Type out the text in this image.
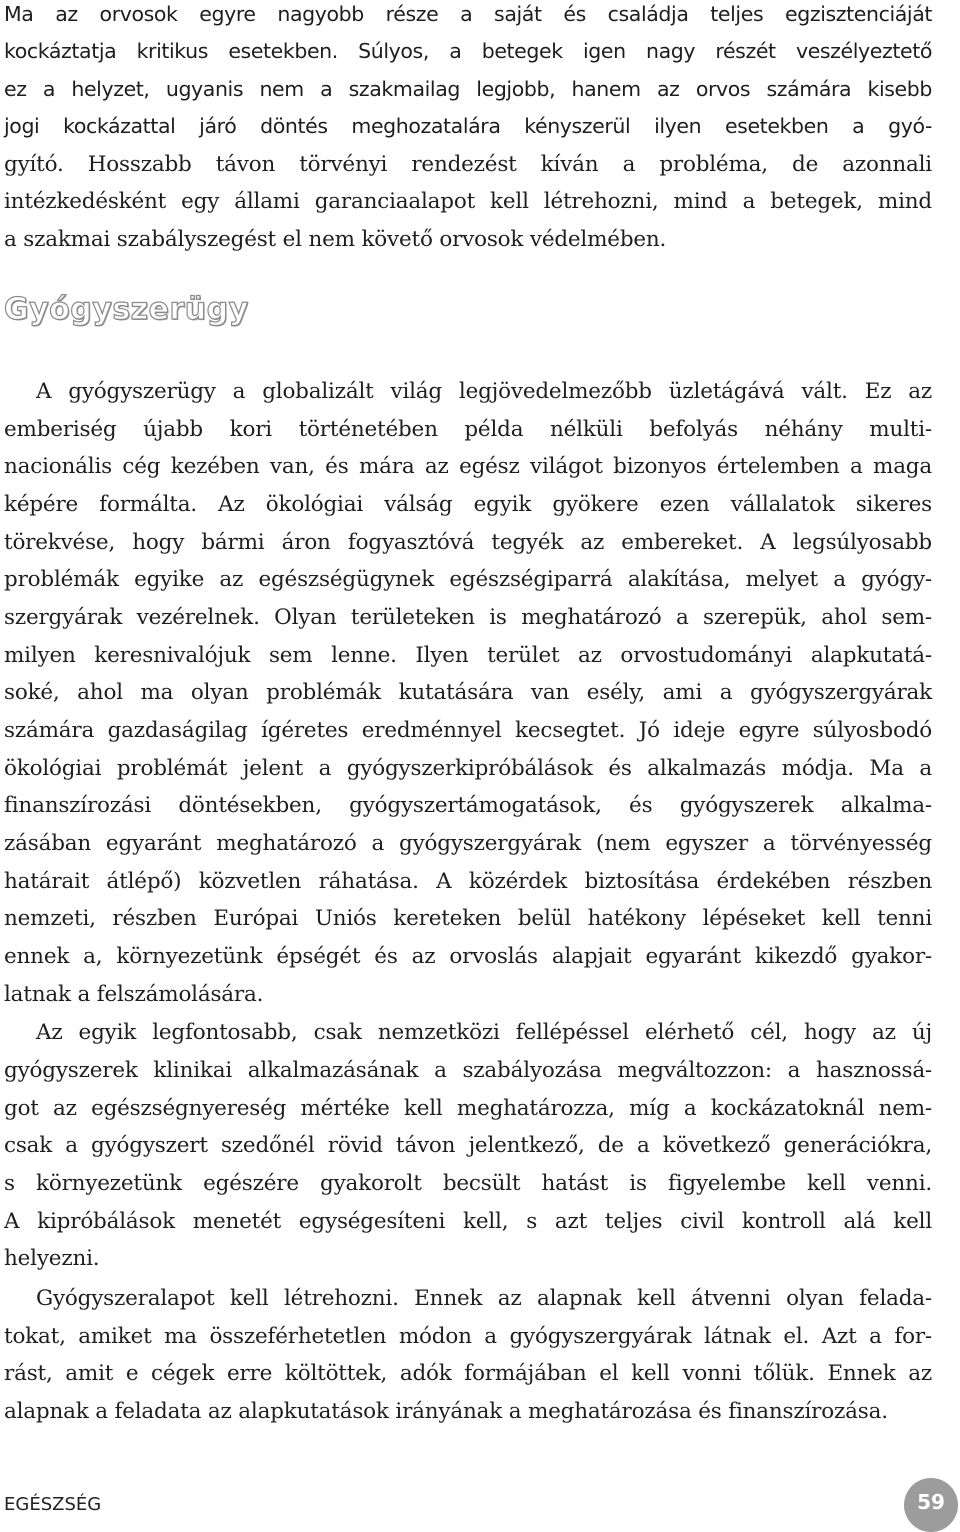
Ma az orvosok egyre nagyobb része a saját és családja teljes egzisztenciáját

kockáztatja kritikus esetekben. Súlyos, a betegek igen nagy részét veszélyeztető

ez a helyzet, ugyanis nem a szakmailag legjobb, hanem az orvos számára kisebb

jogi kockázattal járó döntés meghozatalára kényszerül ilyen esetekben a gyó-

gyító. Hosszabb távon törvényi rendezést kíván a probléma, de azonnali

intézkedésként egy állami garanciaalapot kell létrehozni, mind a betegek, mind

a szakmai szabályszegést el nem követő orvosok védelmében.

Gyógyszerügy

A gyógyszerügy a globalizált világ legjövedelmezőbb üzletágává vált. Ez az

emberiség újabb kori történetében példa nélküli befolyás néhány multi-

nacionális cég kezében van, és mára az egész világot bizonyos értelemben a maga

képére formálta. Az ökológiai válság egyik gyökere ezen vállalatok sikeres

törekvése, hogy bármi áron fogyasztóvá tegyék az embereket. A legsúlyosabb

problémák egyike az egészségügynek egészségiparrá alakítása, melyet a gyógy-

szergyárak vezérelnek. Olyan területeken is meghatározó a szerepük, ahol sem-

milyen keresnivalójuk sem lenne. Ilyen terület az orvostudományi alapkutatá-

soké, ahol ma olyan problémák kutatására van esély, ami a gyógyszergyárak

számára gazdaságilag ígéretes eredménnyel kecsegtet. Jó ideje egyre súlyosbodó

ökológiai problémát jelent a gyógyszerkipróbálások és alkalmazás módja. Ma a

finanszírozási döntésekben, gyógyszertámogatások, és gyógyszerek alkalma-

zásában egyaránt meghatározó a gyógyszergyárak (nem egyszer a törvényesség

határait átlépő) közvetlen ráhatása. A közérdek biztosítása érdekében részben

nemzeti, részben Európai Uniós kereteken belül hatékony lépéseket kell tenni

ennek a, környezetünk épségét és az orvoslás alapjait egyaránt kikezdő gyakor-

latnak a felszámolására.

Az egyik legfontosabb, csak nemzetközi fellépéssel elérhető cél, hogy az új

gyógyszerek klinikai alkalmazásának a szabályozása megváltozzon: a hasznossá-

got az egészségnyereség mértéke kell meghatározza, míg a kockázatoknál nem-

csak a gyógyszert szedőnél rövid távon jelentkező, de a következő generációkra,

s környezetünk egészére gyakorolt becsült hatást is figyelembe kell venni.

A kipróbálások menetét egységesíteni kell, s azt teljes civil kontroll alá kell

helyezni.

Gyógyszeralapot kell létrehozni. Ennek az alapnak kell átvenni olyan felada-

tokat, amiket ma összeférhetetlen módon a gyógyszergyárak látnak el. Azt a for-

rást, amit e cégek erre költöttek, adók formájában el kell vonni tőlük. Ennek az

alapnak a feladata az alapkutatások irányának a meghatározása és finanszírozása.

EGÉSZSÉG	59
